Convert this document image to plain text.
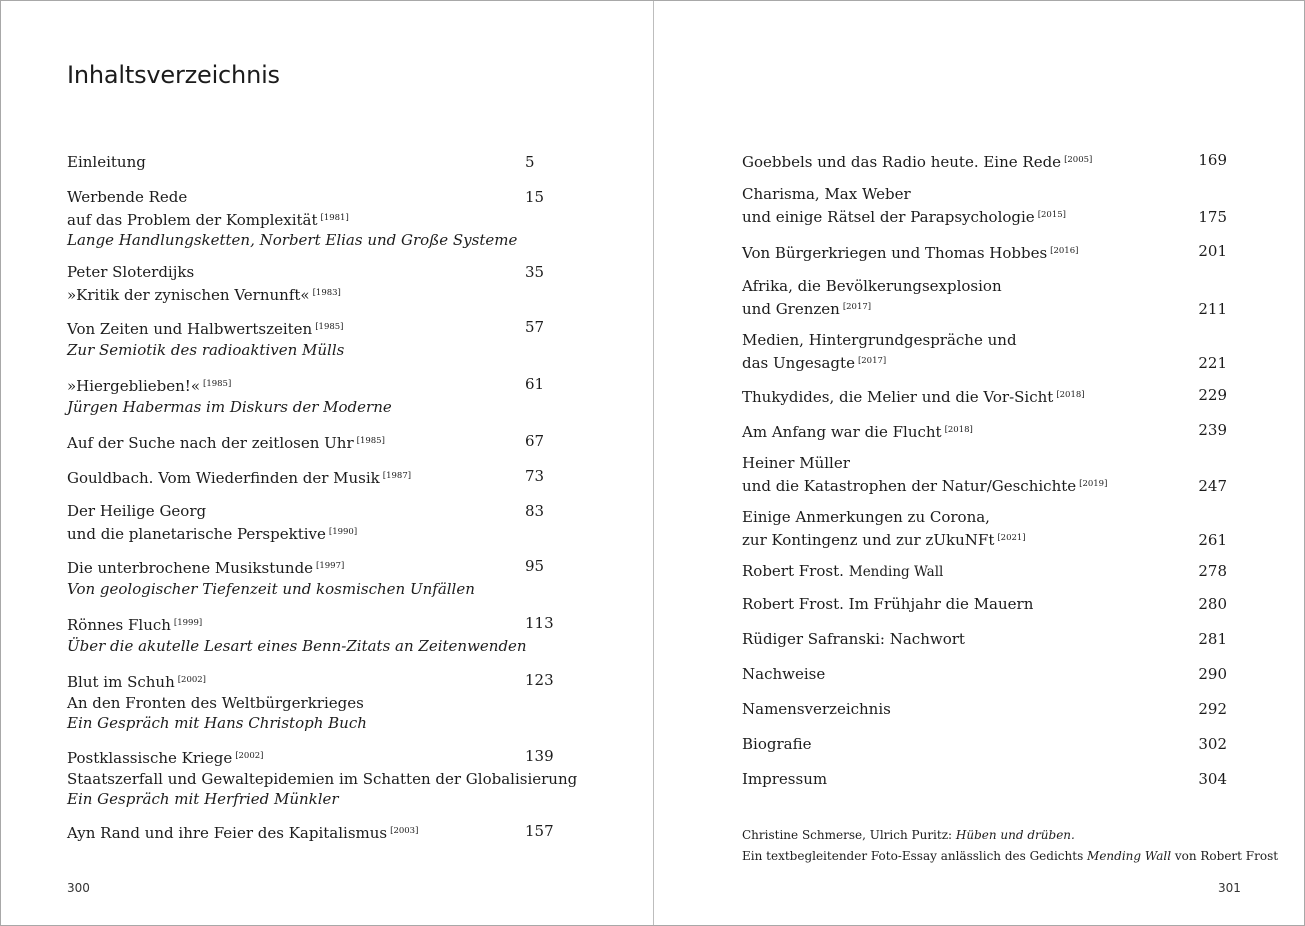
Inhaltsverzeichnis
Einleitung	5
Werbende Rede
auf das Problem der Komplexität [1981]
Lange Handlungsketten, Norbert Elias und Große Systeme
15
Peter Sloterdijks
»Kritik der zynischen Vernunft« [1983]
35
Von Zeiten und Halbwertszeiten [1985]
Zur Semiotik des radioaktiven Mülls
57
»Hiergeblieben!« [1985]
Jürgen Habermas im Diskurs der Moderne
61
Auf der Suche nach der zeitlosen Uhr [1985]	67
Gouldbach. Vom Wiederfinden der Musik [1987]	73
Der Heilige Georg
und die planetarische Perspektive [1990]
83
Die unterbrochene Musikstunde [1997]
Von geologischer Tiefenzeit und kosmischen Unfällen
95
Rönnes Fluch [1999]
Über die akutelle Lesart eines Benn-Zitats an Zeitenwenden
113
Blut im Schuh [2002]
An den Fronten des Weltbürgerkrieges
Ein Gespräch mit Hans Christoph Buch
123
Postklassische Kriege [2002]
Staatszerfall und Gewaltepidemien im Schatten der Globalisierung
Ein Gespräch mit Herfried Münkler
139
Ayn Rand und ihre Feier des Kapitalismus [2003]	157
300
Goebbels und das Radio heute. Eine Rede [2005]	169
Charisma, Max Weber
und einige Rätsel der Parapsychologie [2015]	175
Von Bürgerkriegen und Thomas Hobbes [2016]	201
Afrika, die Bevölkerungsexplosion
und Grenzen [2017]	211
Medien, Hintergrundgespräche und
das Ungesagte [2017]	221
Thukydides, die Melier und die Vor-Sicht [2018]	229
Am Anfang war die Flucht [2018]	239
Heiner Müller
und die Katastrophen der Natur/Geschichte [2019]	247
Einige Anmerkungen zu Corona,
zur Kontingenz und zur zUkuNFt [2021]	261
Robert Frost. Mending Wall	278
Robert Frost. Im Frühjahr die Mauern	280
Rüdiger Safranski: Nachwort	281
Nachweise	290
Namensverzeichnis	292
Biografie	302
Impressum	304
Christine Schmerse, Ulrich Puritz: Hüben und drüben.
Ein textbegleitender Foto-Essay anlässlich des Gedichts Mending Wall von Robert Frost
301
